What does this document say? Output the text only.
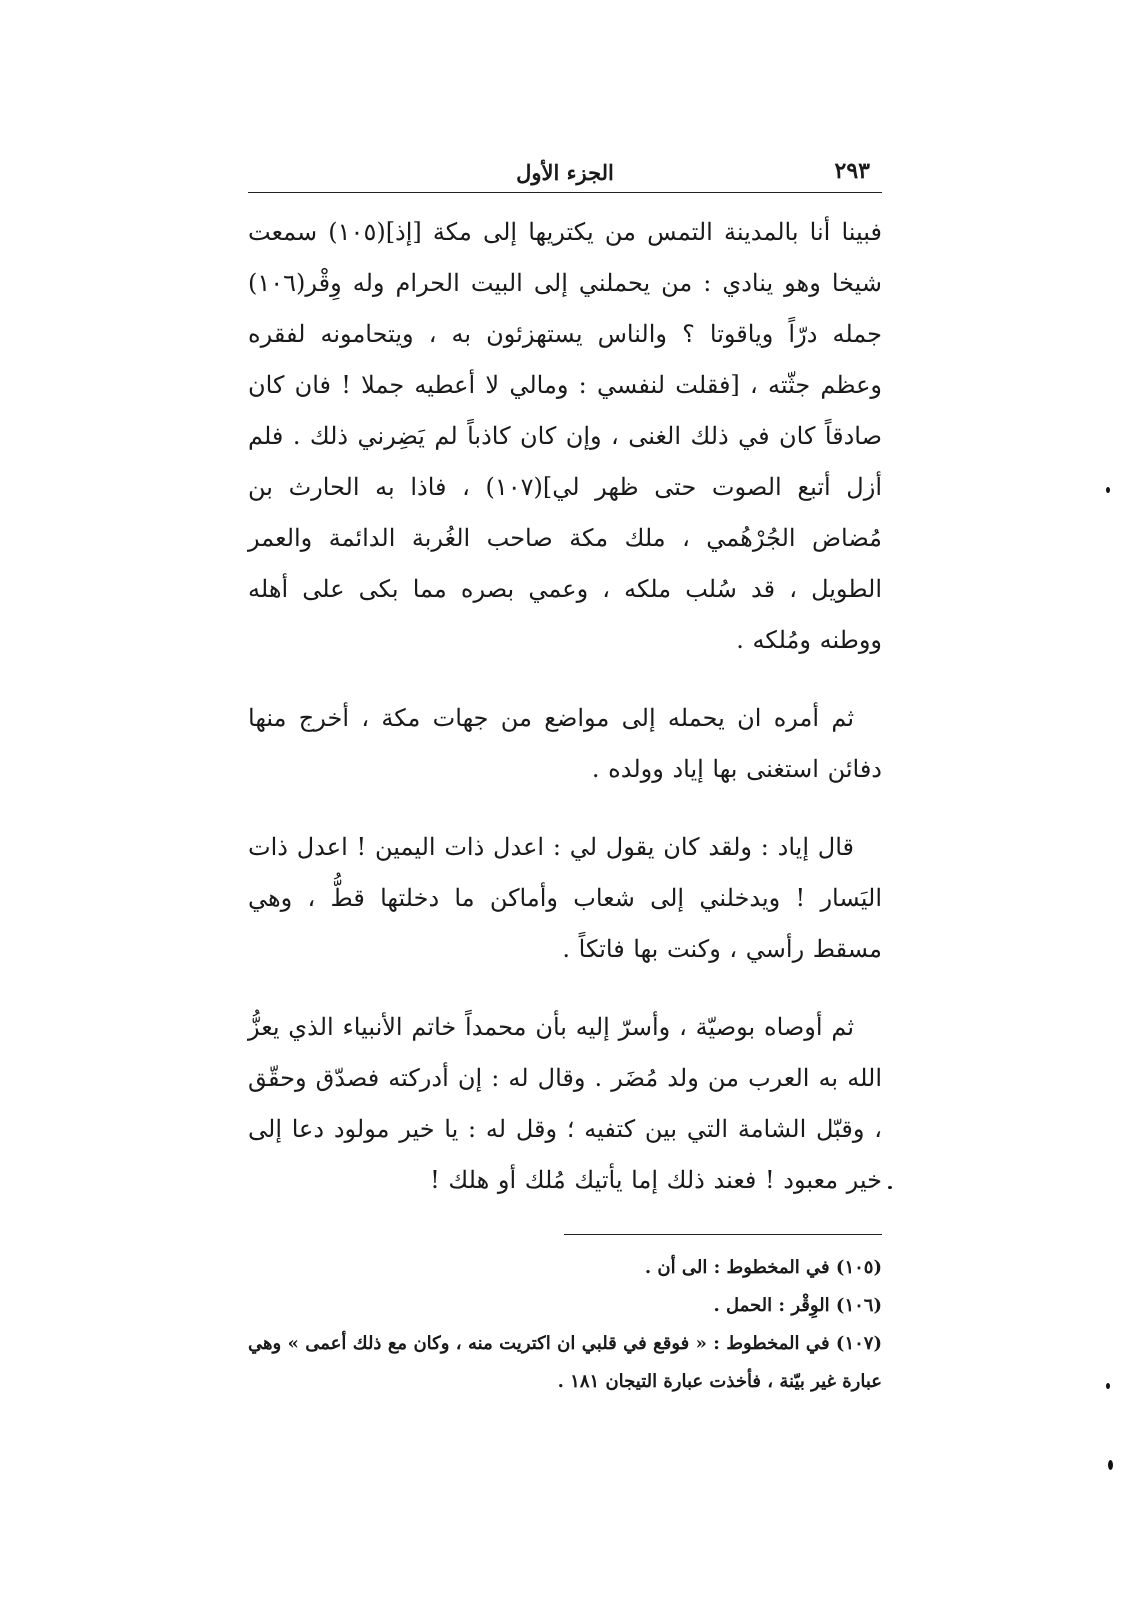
٢٩٣
الجزء الأول

فبينا أنا بالمدينة التمس من يكتريها إلى مكة [إذ](١٠٥) سمعت شيخا وهو ينادي : من يحملني إلى البيت الحرام وله وِقْر(١٠٦) جمله درّاً وياقوتا ؟ والناس يستهزئون به ، ويتحامونه لفقره وعظم جثّته ، [فقلت لنفسي : ومالي لا أعطيه جملا ! فان كان صادقاً كان في ذلك الغنى ، وإن كان كاذباً لم يَضِرني ذلك . فلم أزل أتبع الصوت حتى ظهر لي](١٠٧) ، فاذا به الحارث بن مُضاض الجُرْهُمي ، ملك مكة صاحب الغُربة الدائمة والعمر الطويل ، قد سُلب ملكه ، وعمي بصره مما بكى على أهله ووطنه ومُلكه .

ثم أمره ان يحمله إلى مواضع من جهات مكة ، أخرج منها دفائن استغنى بها إياد وولده .

قال إياد : ولقد كان يقول لي : اعدل ذات اليمين ! اعدل ذات اليَسار ! ويدخلني إلى شعاب وأماكن ما دخلتها قطُّ ، وهي مسقط رأسي ، وكنت بها فاتكاً .

ثم أوصاه بوصيّة ، وأسرّ إليه بأن محمداً خاتم الأنبياء الذي يعزُّ الله به العرب من ولد مُضَر . وقال له : إن أدركته فصدّق وحقّق ، وقبّل الشامة التي بين كتفيه ؛ وقل له : يا خير مولود دعا إلى خير معبود ! فعند ذلك إما يأتيك مُلك أو هلك !

(١٠٥) في المخطوط : الى أن .

(١٠٦) الوِقْر : الحمل .

(١٠٧) في المخطوط : « فوقع في قلبي ان اكتريت منه ، وكان مع ذلك أعمى » وهي عبارة غير بيّنة ، فأخذت عبارة التيجان ١٨١ .
